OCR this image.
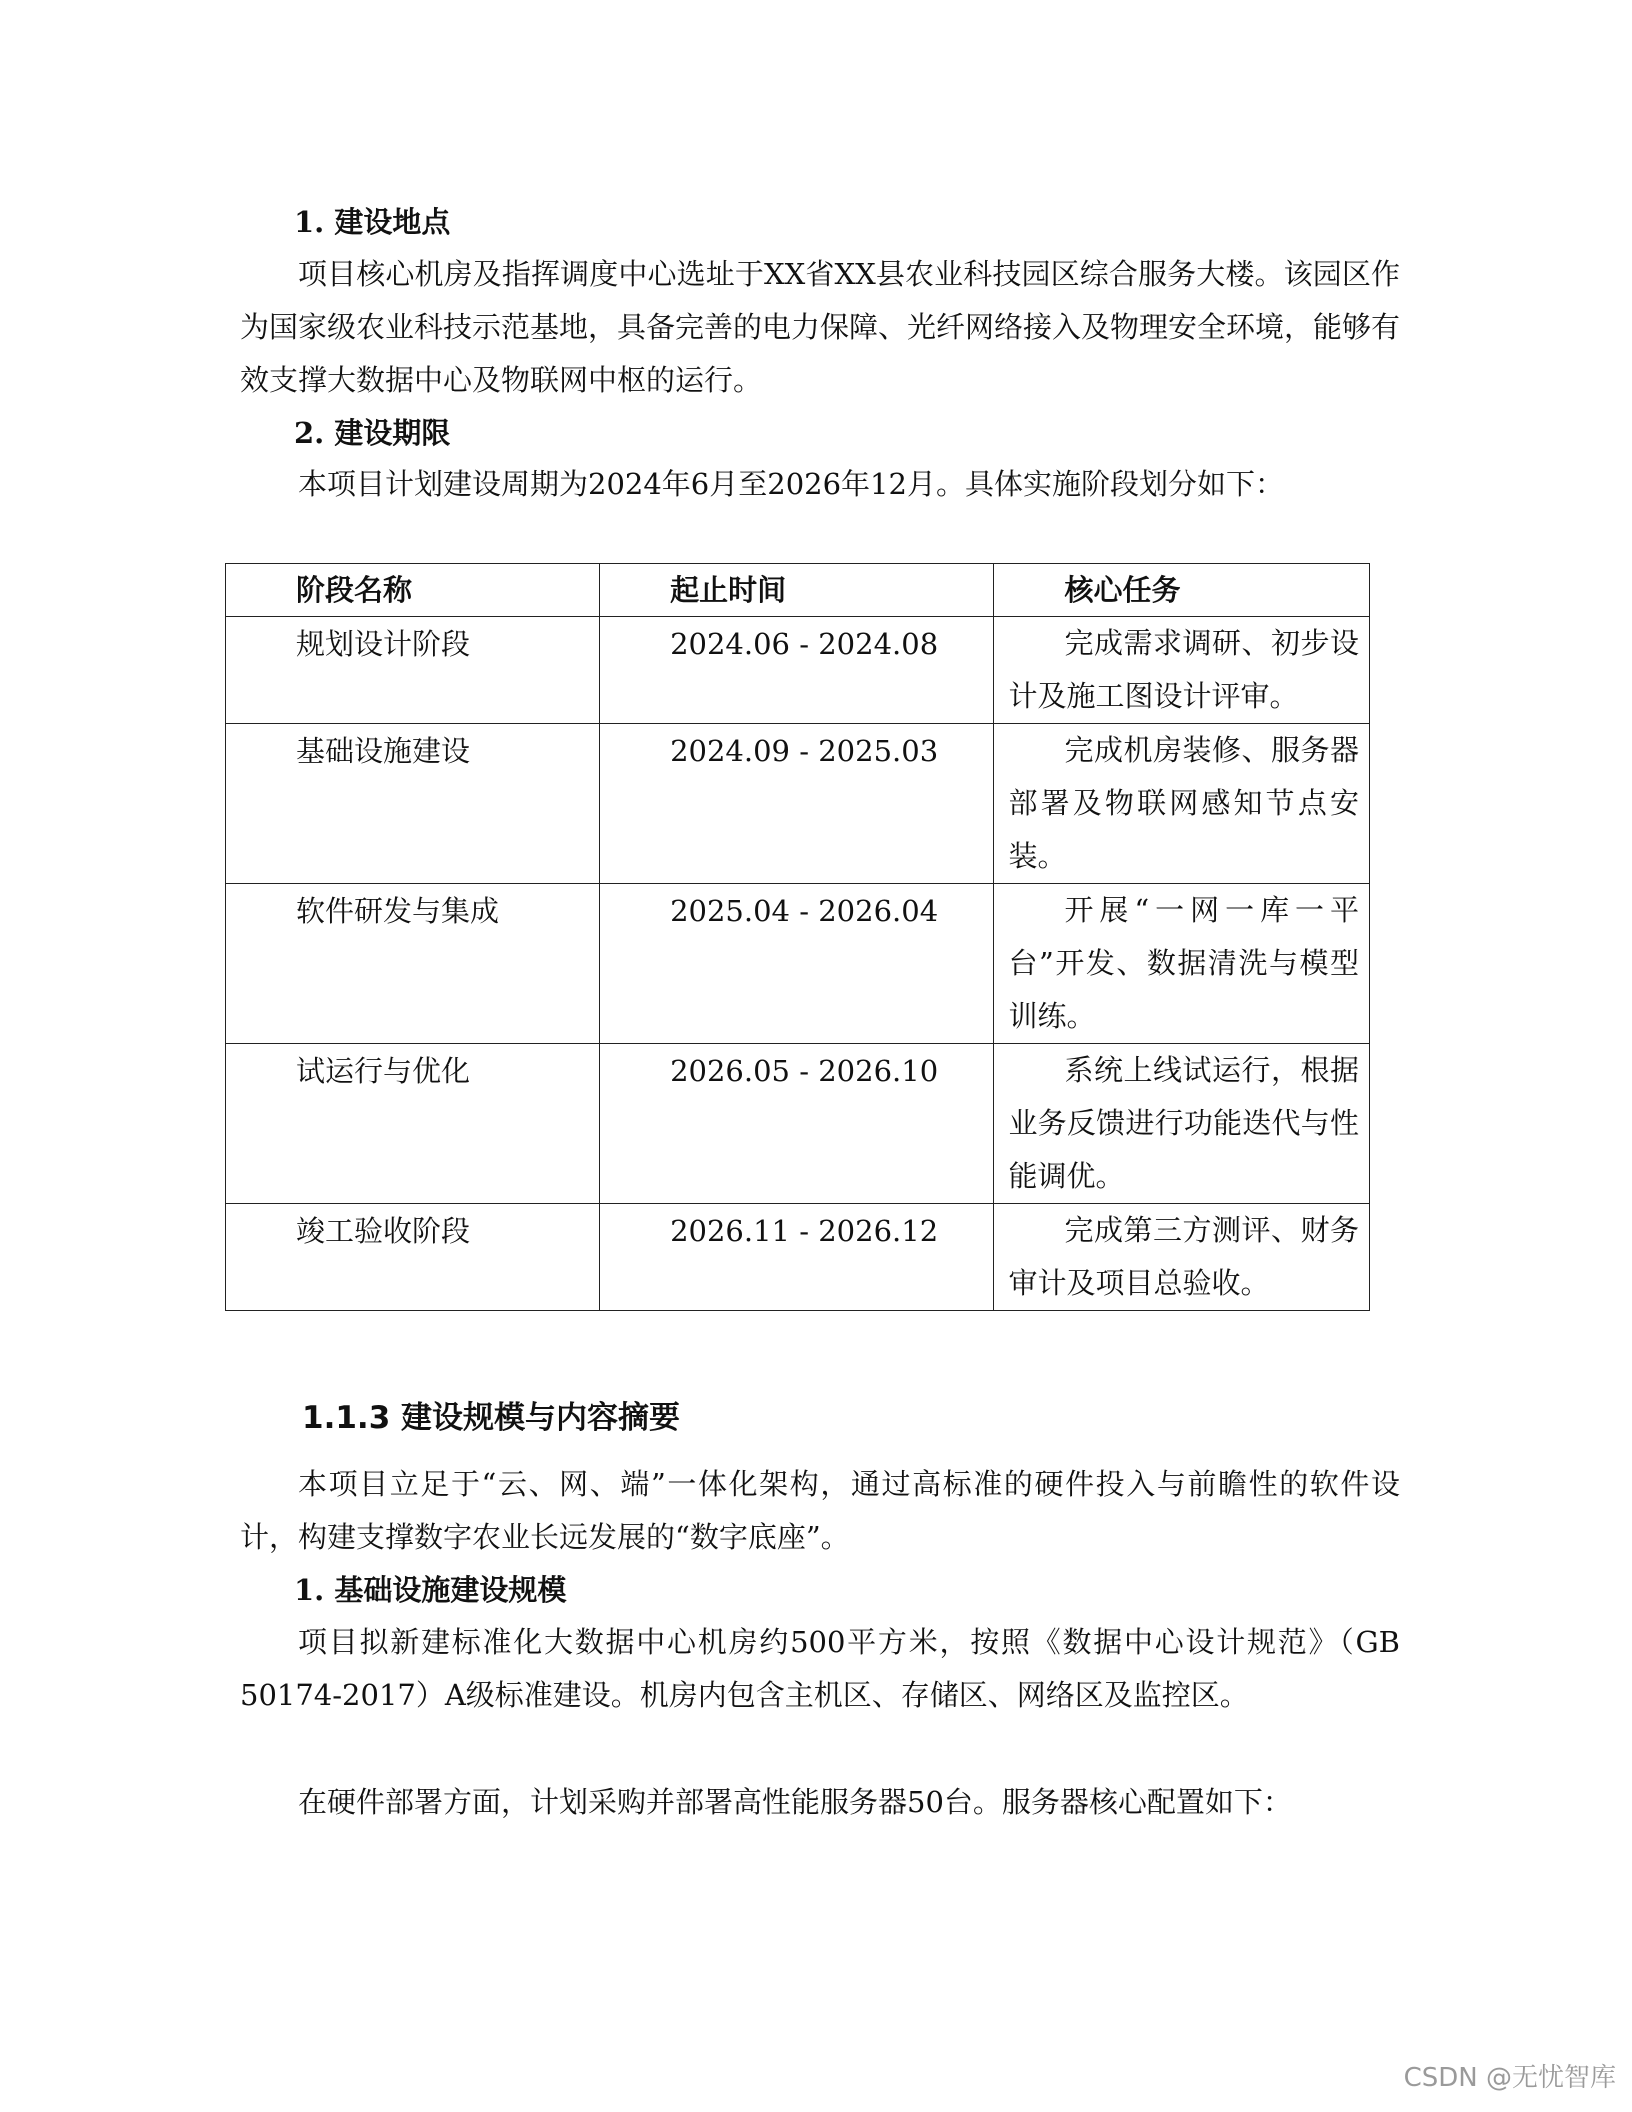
1. 建设地点
项目核心机房及指挥调度中心选址于XX省XX县农业科技园区综合服务大楼。该园区作为国家级农业科技示范基地，具备完善的电力保障、光纤网络接入及物理安全环境，能够有效支撑大数据中心及物联网中枢的运行。
2. 建设期限
本项目计划建设周期为2024年6月至2026年12月。具体实施阶段划分如下：
阶段名称	起止时间	核心任务

规划设计阶段	2024.06 - 2024.08	完成需求调研、初步设计及施工图设计评审。

基础设施建设	2024.09 - 2025.03	完成机房装修、服务器部署及物联网感知节点安装。

软件研发与集成	2025.04 - 2026.04	开展“一网一库一平台”开发、数据清洗与模型训练。

试运行与优化	2026.05 - 2026.10	系统上线试运行，根据业务反馈进行功能迭代与性能调优。

竣工验收阶段	2026.11 - 2026.12	完成第三方测评、财务审计及项目总验收。
1.1.3 建设规模与内容摘要
本项目立足于“云、网、端”一体化架构，通过高标准的硬件投入与前瞻性的软件设计，构建支撑数字农业长远发展的“数字底座”。
1. 基础设施建设规模
项目拟新建标准化大数据中心机房约500平方米，按照《数据中心设计规范》（GB 50174-2017）A级标准建设。机房内包含主机区、存储区、网络区及监控区。
在硬件部署方面，计划采购并部署高性能服务器50台。服务器核心配置如下：
CSDN @无忧智库
